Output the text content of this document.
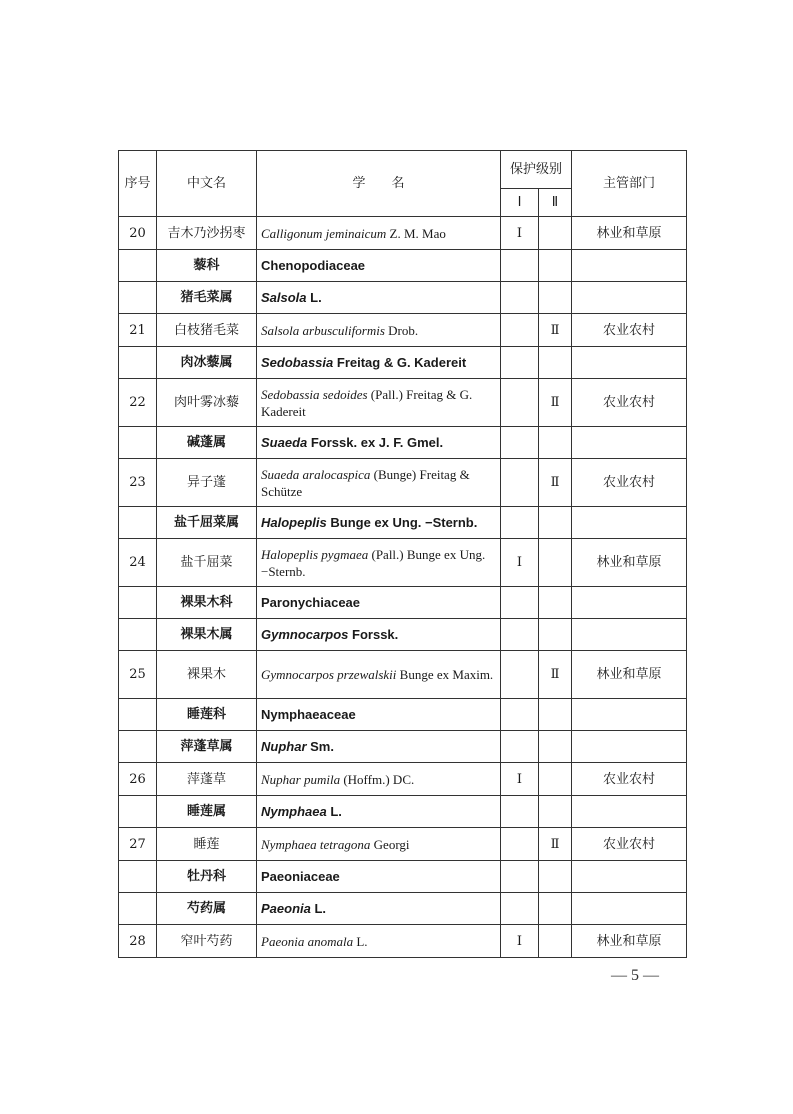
序号	中文名	学　　名	保护级别		主管部门
			Ⅰ	Ⅱ	
20	吉木乃沙拐枣	Calligonum jeminaicum Z. M. Mao	Ⅰ		林业和草原
	藜科	Chenopodiaceae			
	猪毛菜属	Salsola L.			
21	白枝猪毛菜	Salsola arbusculiformis Drob.		Ⅱ	农业农村
	肉冰藜属	Sedobassia Freitag & G. Kadereit			
22	肉叶雾冰藜	Sedobassia sedoides (Pall.) Freitag & G. Kadereit		Ⅱ	农业农村
	碱蓬属	Suaeda Forssk. ex J. F. Gmel.			
23	异子蓬	Suaeda aralocaspica (Bunge) Freitag & Schütze		Ⅱ	农业农村
	盐千屈菜属	Halopeplis Bunge ex Ung. −Sternb.			
24	盐千屈菜	Halopeplis pygmaea (Pall.) Bunge ex Ung. −Sternb.	Ⅰ		林业和草原
	裸果木科	Paronychiaceae			
	裸果木属	Gymnocarpos Forssk.			
25	裸果木	Gymnocarpos przewalskii Bunge ex Maxim.		Ⅱ	林业和草原
	睡莲科	Nymphaeaceae			
	萍蓬草属	Nuphar Sm.			
26	萍蓬草	Nuphar pumila (Hoffm.) DC.	Ⅰ		农业农村
	睡莲属	Nymphaea L.			
27	睡莲	Nymphaea tetragona Georgi		Ⅱ	农业农村
	牡丹科	Paeoniaceae			
	芍药属	Paeonia L.			
28	窄叶芍药	Paeonia anomala L.	Ⅰ		林业和草原
— 5 —
